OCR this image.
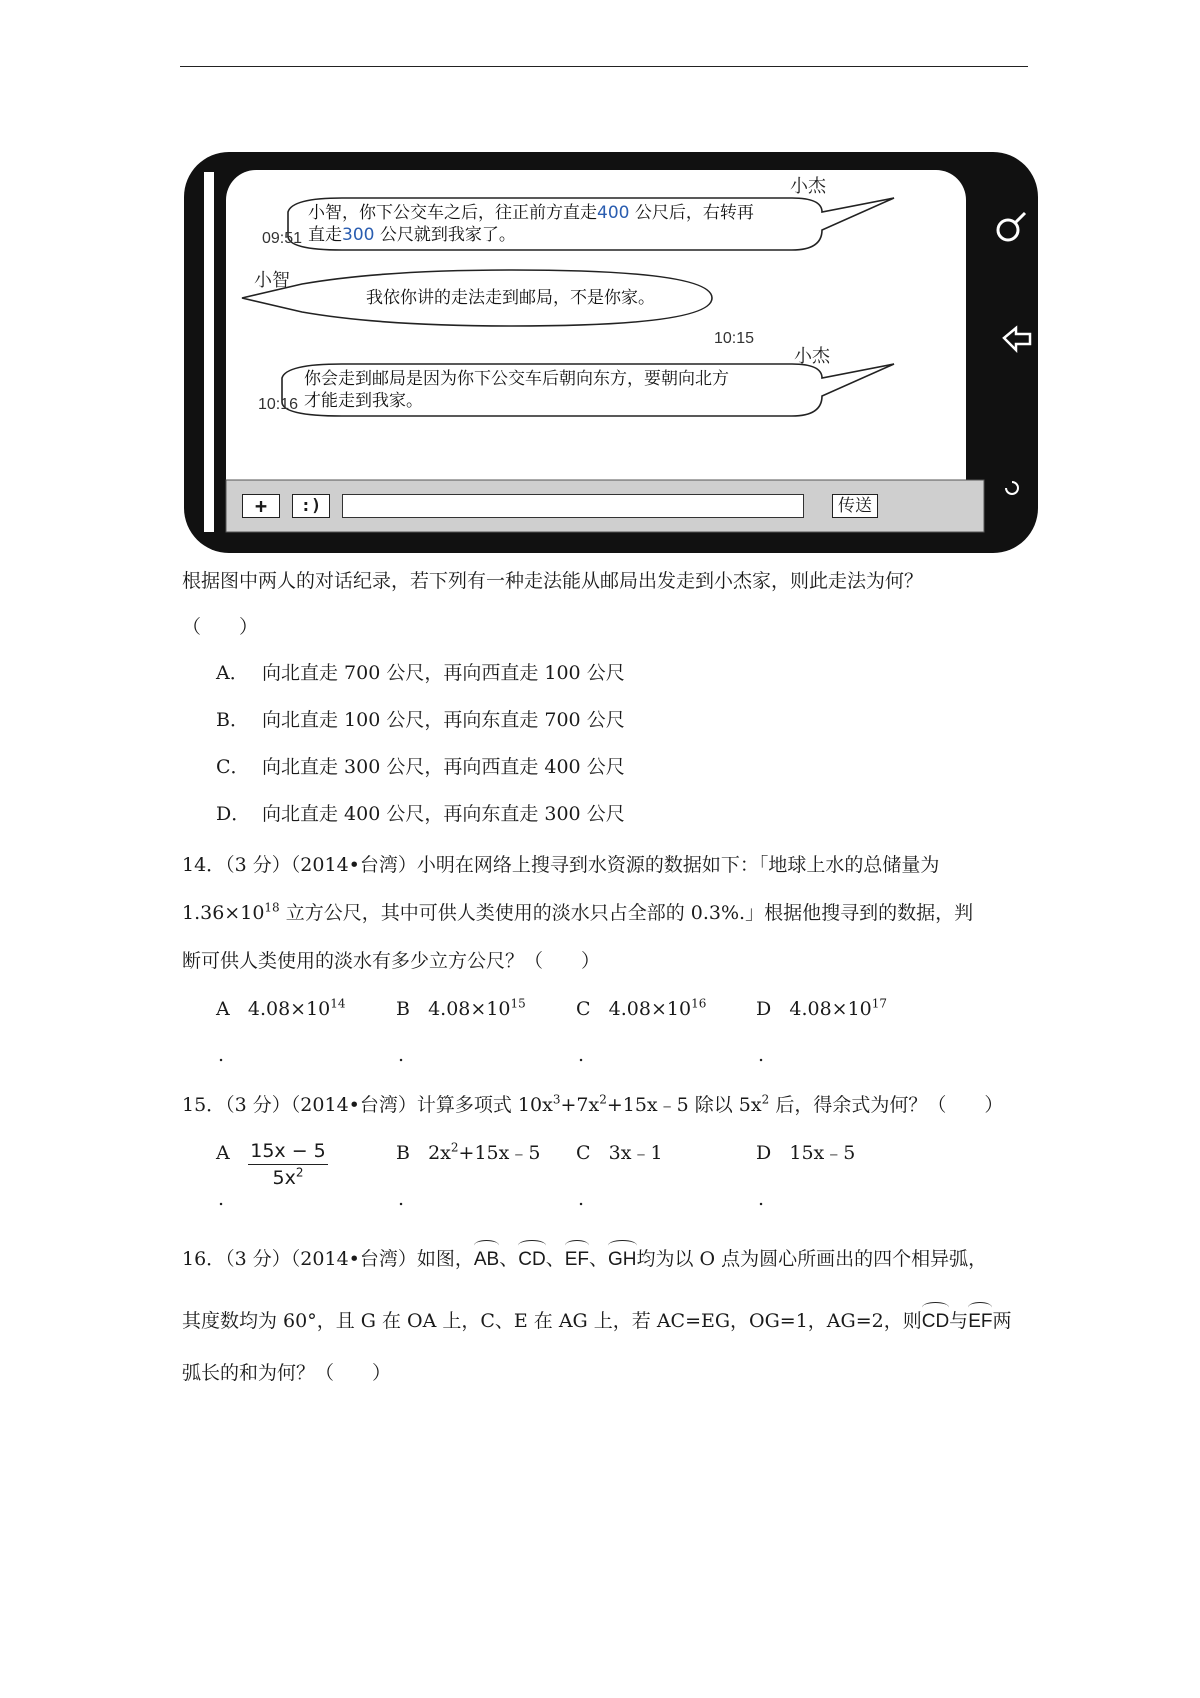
小杰
小智，你下公交车之后，往正前方直走400 公尺后，右转再
直走300 公尺就到我家了。
09:51
小智
我依你讲的走法走到邮局，不是你家。
10:15
小杰
你会走到邮局是因为你下公交车后朝向东方，要朝向北方
才能走到我家。
10:16
+	:)	传送
根据图中两人的对话纪录，若下列有一种走法能从邮局出发走到小杰家，则此走法为何？
（　　）
A． 向北直走 700 公尺，再向西直走 100 公尺
B． 向北直走 100 公尺，再向东直走 700 公尺
C． 向北直走 300 公尺，再向西直走 400 公尺
D． 向北直走 400 公尺，再向东直走 300 公尺
14．（3 分）（2014•台湾）小明在网络上搜寻到水资源的数据如下：「地球上水的总储量为
$1.36\times 10^{18}$ 立方公尺，其中可供人类使用的淡水只占全部的 0.3%.」根据他搜寻到的数据，判
断可供人类使用的淡水有多少立方公尺？（　　）
A $4.08\times 10^{14}$	B $4.08\times 10^{15}$	C $4.08\times 10^{16}$	D $4.08\times 10^{17}$
.	.	.	.
15．（3 分）（2014•台湾）计算多项式 $10x^3+7x^2+15x﹣5$ 除以 $5x^2$ 后，得余式为何？（　　）
A $\frac{15x - 5}{5x^2}$	B $2x^2+15x﹣5$ C 3x﹣1	D 15x﹣5
.	.	.	.
16．（3 分）（2014•台湾）如图，AB、CD、EF、GH均为以 O 点为圆心所画出的四个相异弧，
其度数均为 60°，且 G 在 OA 上，C、E 在 AG 上，若 AC=EG，OG=1，AG=2，则CD与EF两
弧长的和为何？（　　）
